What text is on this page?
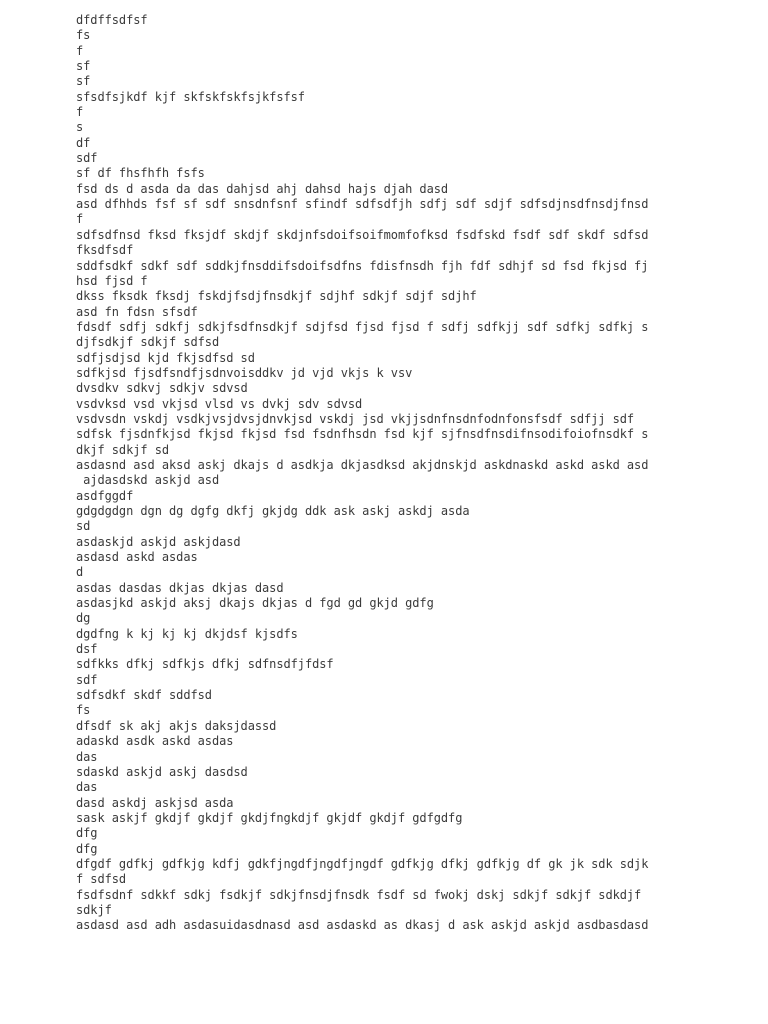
dfdffsdfsf
fs
f
sf
sf
sfsdfsjkdf kjf skfskfskfsjkfsfsf
f
s
df
sdf
sf df fhsfhfh fsfs
fsd ds d asda da das dahjsd ahj dahsd hajs djah dasd
asd dfhhds fsf sf sdf snsdnfsnf sfindf sdfsdfjh sdfj sdf sdjf sdfsdjnsdfnsdjfnsd
f
sdfsdfnsd fksd fksjdf skdjf skdjnfsdoifsoifmomfofksd fsdfskd fsdf sdf skdf sdfsd
fksdfsdf
sddfsdkf sdkf sdf sddkjfnsddifsdoifsdfns fdisfnsdh fjh fdf sdhjf sd fsd fkjsd fj
hsd fjsd f
dkss fksdk fksdj fskdjfsdjfnsdkjf sdjhf sdkjf sdjf sdjhf
asd fn fdsn sfsdf
fdsdf sdfj sdkfj sdkjfsdfnsdkjf sdjfsd fjsd fjsd f sdfj sdfkjj sdf sdfkj sdfkj s
djfsdkjf sdkjf sdfsd
sdfjsdjsd kjd fkjsdfsd sd
sdfkjsd fjsdfsndfjsdnvoisddkv jd vjd vkjs k vsv
dvsdkv sdkvj sdkjv sdvsd
vsdvksd vsd vkjsd vlsd vs dvkj sdv sdvsd
vsdvsdn vskdj vsdkjvsjdvsjdnvkjsd vskdj jsd vkjjsdnfnsdnfodnfonsfsdf sdfjj sdf
sdfsk fjsdnfkjsd fkjsd fkjsd fsd fsdnfhsdn fsd kjf sjfnsdfnsdifnsodifoiofnsdkf s
dkjf sdkjf sd
asdasnd asd aksd askj dkajs d asdkja dkjasdksd akjdnskjd askdnaskd askd askd asd
ajdasdskd askjd asd
asdfggdf
gdgdgdgn dgn dg dgfg dkfj gkjdg ddk ask askj askdj asda
sd
asdaskjd askjd askjdasd
asdasd askd asdas
d
asdas dasdas dkjas dkjas dasd
asdasjkd askjd aksj dkajs dkjas d fgd gd gkjd gdfg
dg
dgdfng k kj kj kj dkjdsf kjsdfs
dsf
sdfkks dfkj sdfkjs dfkj sdfnsdfjfdsf
sdf
sdfsdkf skdf sddfsd
fs
dfsdf sk akj akjs daksjdassd
adaskd asdk askd asdas
das
sdaskd askjd askj dasdsd
das
dasd askdj askjsd asda
sask askjf gkdjf gkdjf gkdjfngkdjf gkjdf gkdjf gdfgdfg
dfg
dfg
dfgdf gdfkj gdfkjg kdfj gdkfjngdfjngdfjngdf gdfkjg dfkj gdfkjg df gk jk sdk sdjk
f sdfsd
fsdfsdnf sdkkf sdkj fsdkjf sdkjfnsdjfnsdk fsdf sd fwokj dskj sdkjf sdkjf sdkdjf
sdkjf
asdasd asd adh asdasuidasdnasd asd asdaskd as dkasj d ask askjd askjd asdbasdasd
